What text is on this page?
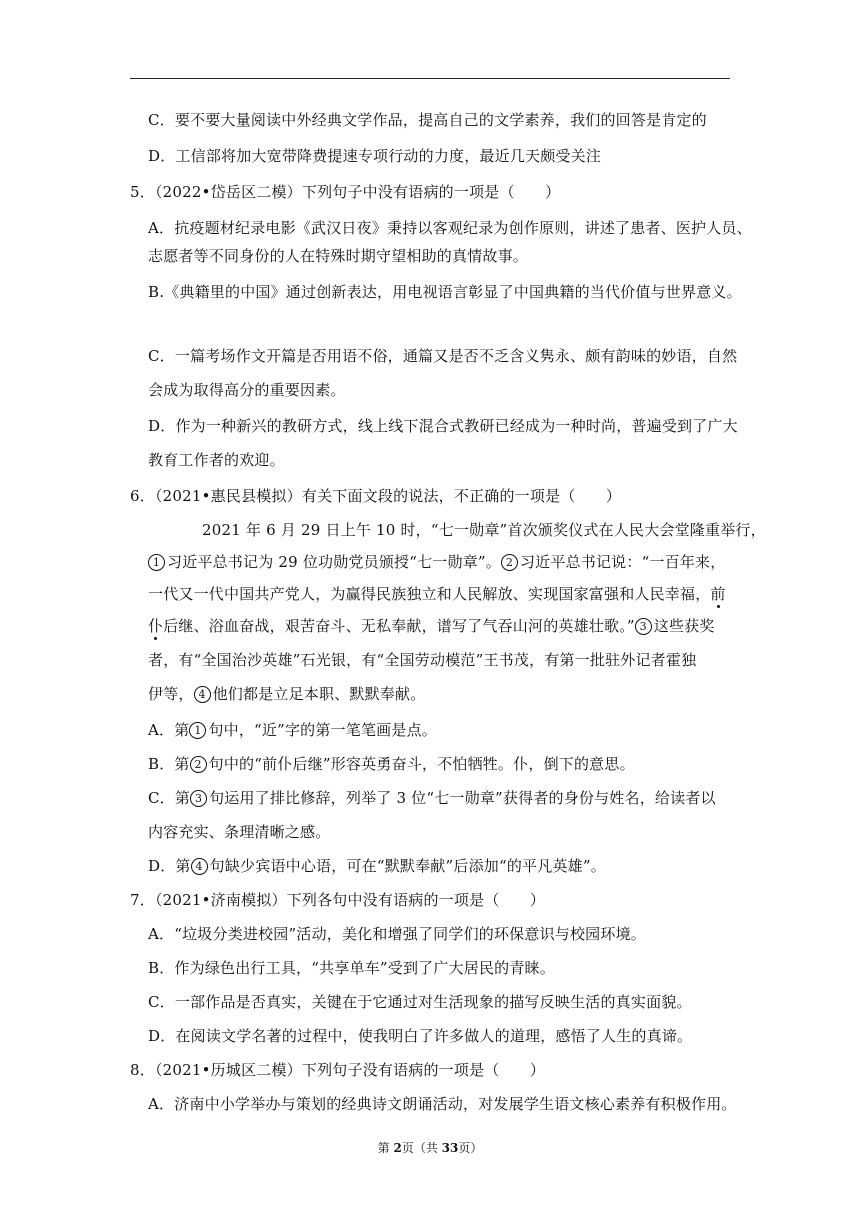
C．要不要大量阅读中外经典文学作品，提高自己的文学素养，我们的回答是肯定的
D．工信部将加大宽带降费提速专项行动的力度，最近几天颇受关注
5．（2022•岱岳区二模）下列句子中没有语病的一项是（　　）
A．抗疫题材纪录电影《武汉日夜》秉持以客观纪录为创作原则，讲述了患者、医护人员、
志愿者等不同身份的人在特殊时期守望相助的真情故事。
B.《典籍里的中国》通过创新表达，用电视语言彰显了中国典籍的当代价值与世界意义。
C．一篇考场作文开篇是否用语不俗，通篇又是否不乏含义隽永、颇有韵味的妙语，自然
会成为取得高分的重要因素。
D．作为一种新兴的教研方式，线上线下混合式教研已经成为一种时尚，普遍受到了广大
教育工作者的欢迎。
6．（2021•惠民县模拟）有关下面文段的说法，不正确的一项是（　　）
2021 年 6 月 29 日上午 10 时，“七一勋章”首次颁奖仪式在人民大会堂隆重举行，
1 习近平总书记为 29 位功勋党员颁授“七一勋章”。 2 习近平总书记说：“一百年来，
一代又一代中国共产党人，为赢得民族独立和人民解放、实现国家富强和人民幸福，前
仆后继、浴血奋战，艰苦奋斗、无私奉献，谱写了气吞山河的英雄壮歌。” 3 这些获奖
者，有“全国治沙英雄”石光银，有“全国劳动模范”王书茂，有第一批驻外记者霍独
伊等， 4 他们都是立足本职、默默奉献。
A．第 1 句中，“近”字的第一笔笔画是点。
B．第 2 句中的“前仆后继”形容英勇奋斗，不怕牺牲。仆，倒下的意思。
C．第 3 句运用了排比修辞，列举了 3 位“七一勋章”获得者的身份与姓名，给读者以
内容充实、条理清晰之感。
D．第 4 句缺少宾语中心语，可在“默默奉献”后添加“的平凡英雄”。
7．（2021•济南模拟）下列各句中没有语病的一项是（　　）
A．“垃圾分类进校园”活动，美化和增强了同学们的环保意识与校园环境。
B．作为绿色出行工具，“共享单车”受到了广大居民的青睐。
C．一部作品是否真实，关键在于它通过对生活现象的描写反映生活的真实面貌。
D．在阅读文学名著的过程中，使我明白了许多做人的道理，感悟了人生的真谛。
8．（2021•历城区二模）下列句子没有语病的一项是（　　）
A．济南中小学举办与策划的经典诗文朗诵活动，对发展学生语文核心素养有积极作用。
第 2页（共 33页）
